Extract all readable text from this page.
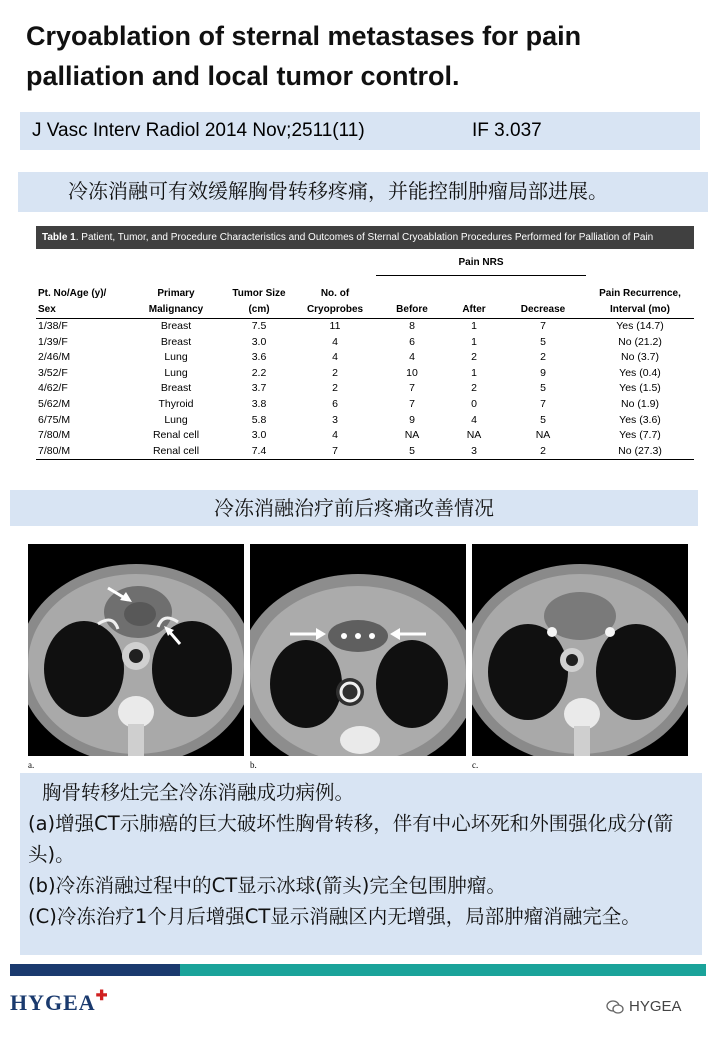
Cryoablation of sternal metastases for pain
palliation and local tumor control.
J Vasc Interv Radiol 2014 Nov;2511(11)	IF 3.037
冷冻消融可有效缓解胸骨转移疼痛，并能控制肿瘤局部进展。
Table 1. Patient, Tumor, and Procedure Characteristics and Outcomes of Sternal Cryoablation Procedures Performed for Palliation of Pain
				Pain NRS			
Pt. No/Age (y)/ Sex	Primary Malignancy	Tumor Size (cm)	No. of Cryoprobes	Before	After	Decrease	Pain Recurrence, Interval (mo)
1/38/F	Breast	7.5	11	8	1	7	Yes (14.7)
1/39/F	Breast	3.0	4	6	1	5	No (21.2)
2/46/M	Lung	3.6	4	4	2	2	No (3.7)
3/52/F	Lung	2.2	2	10	1	9	Yes (0.4)
4/62/F	Breast	3.7	2	7	2	5	Yes (1.5)
5/62/M	Thyroid	3.8	6	7	0	7	No (1.9)
6/75/M	Lung	5.8	3	9	4	5	Yes (3.6)
7/80/M	Renal cell	3.0	4	NA	NA	NA	Yes (7.7)
7/80/M	Renal cell	7.4	7	5	3	2	No (27.3)
冷冻消融治疗前后疼痛改善情况
a.	b.	c.

胸骨转移灶完全冷冻消融成功病例。

(a)增强CT示肺癌的巨大破坏性胸骨转移，伴有中心坏死和外围强化成分(箭头)。

(b)冷冻消融过程中的CT显示冰球(箭头)完全包围肿瘤。

(C)冷冻治疗1个月后增强CT显示消融区内无增强，局部肿瘤消融完全。

HYGEA✚
HYGEA
